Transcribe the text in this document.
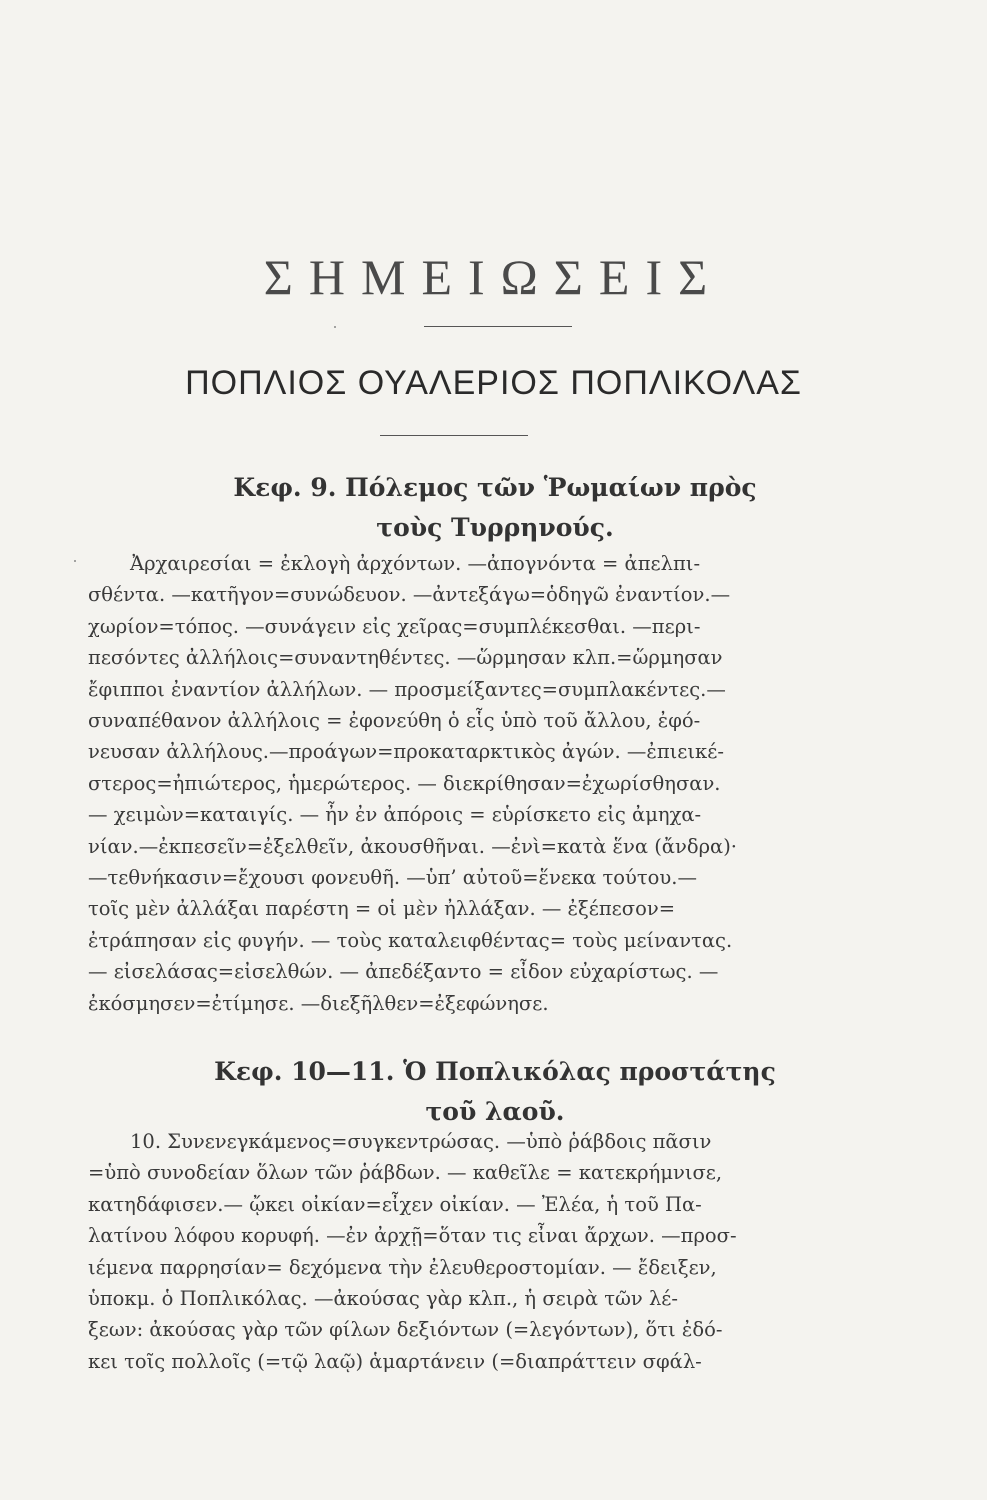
ΣΗΜΕΙΩΣΕΙΣ
ΠΟΠΛΙΟΣ ΟΥΑΛΕΡΙΟΣ ΠΟΠΛΙΚΟΛΑΣ
Κεφ. 9. Πόλεμος τῶν Ῥωμαίων πρὸς
τοὺς Τυρρηνούς.
Ἀρχαιρεσίαι = ἐκλογὴ ἀρχόντων. —ἀπογνόντα = ἀπελπι-
σθέντα. —κατῆγον=συνώδευον. —ἀντεξάγω=ὁδηγῶ ἐναντίον.—
χωρίον=τόπος. —συνάγειν εἰς χεῖρας=συμπλέκεσθαι. —περι-
πεσόντες ἀλλήλοις=συναντηθέντες. —ὥρμησαν κλπ.=ὥρμησαν
ἔφιπποι ἐναντίον ἀλλήλων. — προσμείξαντες=συμπλακέντες.—
συναπέθανον ἀλλήλοις = ἐφονεύθη ὁ εἷς ὑπὸ τοῦ ἄλλου, ἐφό-
νευσαν ἀλλήλους.—προάγων=προκαταρκτικὸς ἀγών. —ἐπιεικέ-
στερος=ἠπιώτερος, ἡμερώτερος. — διεκρίθησαν=ἐχωρίσθησαν.
— χειμὼν=καταιγίς. — ἦν ἐν ἀπόροις = εὑρίσκετο εἰς ἀμηχα-
νίαν.—ἐκπεσεῖν=ἐξελθεῖν, ἀκουσθῆναι. —ἐνὶ=κατὰ ἕνα (ἄνδρα)·
—τεθνήκασιν=ἔχουσι φονευθῆ. —ὑπ’ αὐτοῦ=ἕνεκα τούτου.—
τοῖς μὲν ἀλλάξαι παρέστη = οἱ μὲν ἠλλάξαν. — ἐξέπεσον=
ἐτράπησαν εἰς φυγήν. — τοὺς καταλειφθέντας= τοὺς μείναντας.
— εἰσελάσας=εἰσελθών. — ἀπεδέξαντο = εἶδον εὐχαρίστως. —
ἐκόσμησεν=ἐτίμησε. —διεξῆλθεν=ἐξεφώνησε.
Κεφ. 10—11. Ὁ Ποπλικόλας προστάτης
τοῦ λαοῦ.
10. Συνενεγκάμενος=συγκεντρώσας. —ὑπὸ ῥάβδοις πᾶσιν
=ὑπὸ συνοδείαν ὅλων τῶν ῥάβδων. — καθεῖλε = κατεκρήμνισε,
κατηδάφισεν.— ᾤκει οἰκίαν=εἶχεν οἰκίαν. — Ἐλέα, ἡ τοῦ Πα-
λατίνου λόφου κορυφή. —ἐν ἀρχῇ=ὅταν τις εἶναι ἄρχων. —προσ-
ιέμενα παρρησίαν= δεχόμενα τὴν ἐλευθεροστομίαν. — ἔδειξεν,
ὑποκμ. ὁ Ποπλικόλας. —ἀκούσας γὰρ κλπ., ἡ σειρὰ τῶν λέ-
ξεων: ἀκούσας γὰρ τῶν φίλων δεξιόντων (=λεγόντων), ὅτι ἐδό-
κει τοῖς πολλοῖς (=τῷ λαῷ) ἁμαρτάνειν (=διαπράττειν σφάλ-
